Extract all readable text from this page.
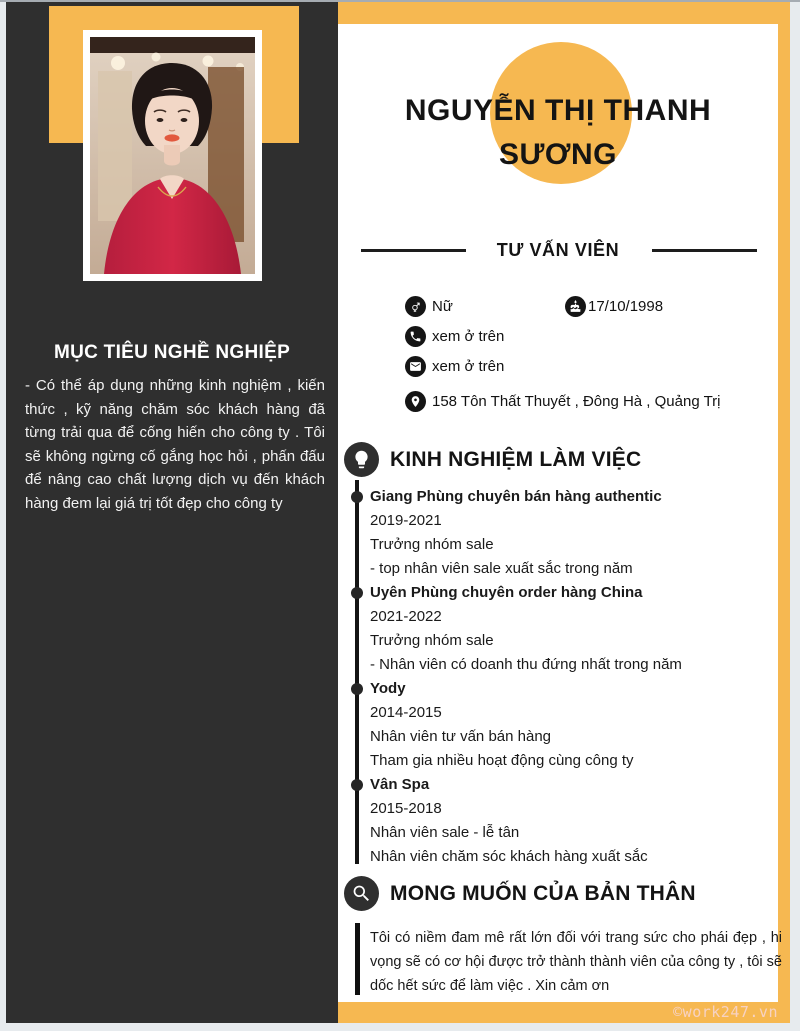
MỤC TIÊU NGHỀ NGHIỆP

- Có thể áp dụng những kinh nghiệm , kiến thức , kỹ năng chăm sóc khách hàng đã từng trải qua để cống hiến cho công ty . Tôi sẽ không ngừng cố gắng học hỏi , phấn đấu để nâng cao chất lượng dịch vụ đến khách hàng đem lại giá trị tốt đẹp cho công ty

©work247.vn
NGUYỄN THỊ THANH
SƯƠNG

TƯ VẤN VIÊN

Nữ	17/10/1998
xem ở trên
xem ở trên
158 Tôn Thất Thuyết , Đông Hà , Quảng Trị
KINH NGHIỆM LÀM VIỆC
Giang Phùng chuyên bán hàng authentic
2019-2021
Trưởng nhóm sale
- top nhân viên sale xuất sắc trong năm
Uyên Phùng chuyên order hàng China
2021-2022
Trưởng nhóm sale
- Nhân viên có doanh thu đứng nhất trong năm
Yody
2014-2015
Nhân viên tư vấn bán hàng
Tham gia nhiều hoạt động cùng công ty
Vân Spa
2015-2018
Nhân viên sale - lễ tân
Nhân viên chăm sóc khách hàng xuất sắc
MONG MUỐN CỦA BẢN THÂN

Tôi có niềm đam mê rất lớn đối với trang sức cho phái đẹp , hi vọng sẽ có cơ hội được trở thành thành viên của công ty , tôi sẽ dốc hết sức để làm việc . Xin cảm ơn
